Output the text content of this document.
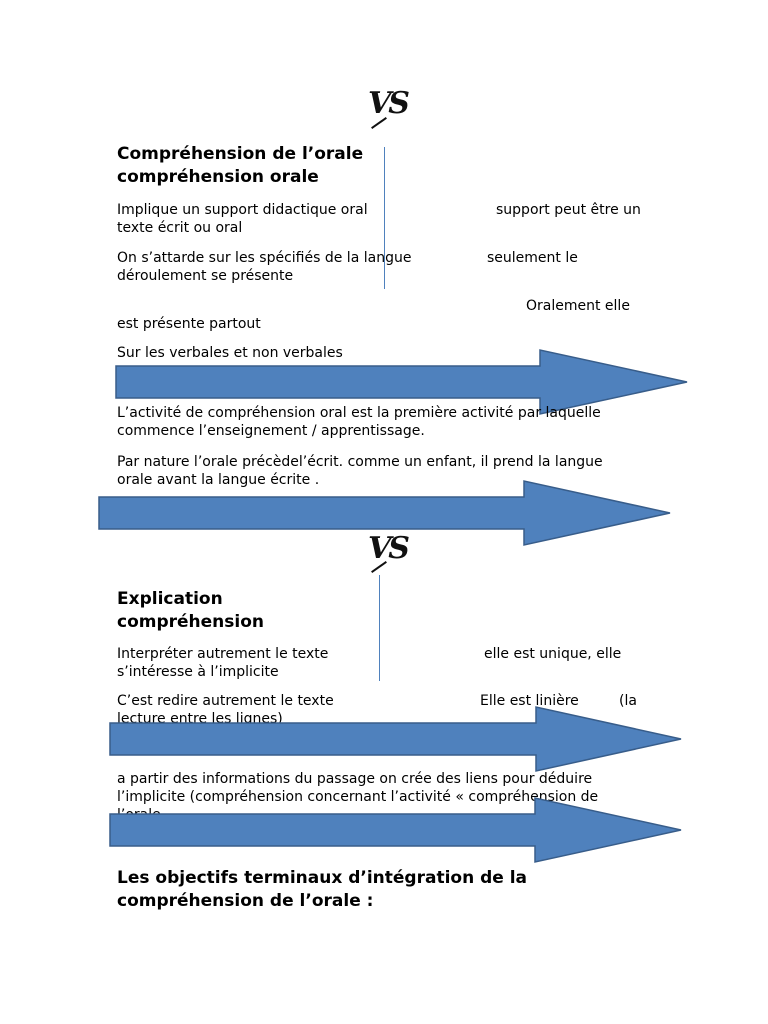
VS
Compréhension de l’orale
compréhension orale
Implique un support didactique oral	support peut être un
texte écrit ou oral
On s’attarde sur les spécifiés de la langue	seulement le
déroulement se présente
Oralement elle
est présente partout
Sur les verbales et non verbales
L’activité de compréhension oral est la première activité par laquelle
commence l’enseignement / apprentissage.
Par nature l’orale précèdel’écrit. comme un enfant, il prend la langue
orale avant la langue écrite .
VS
Explication
compréhension
Interpréter autrement le texte	elle est unique, elle
s’intéresse à l’implicite
C’est redire autrement le texte	Elle est linière	(la
lecture entre les lignes)
a partir des informations du passage on crée des liens pour déduire
l’implicite (compréhension concernant l’activité « compréhension de
Les objectifs terminaux d’intégration de la
compréhension de l’orale :
